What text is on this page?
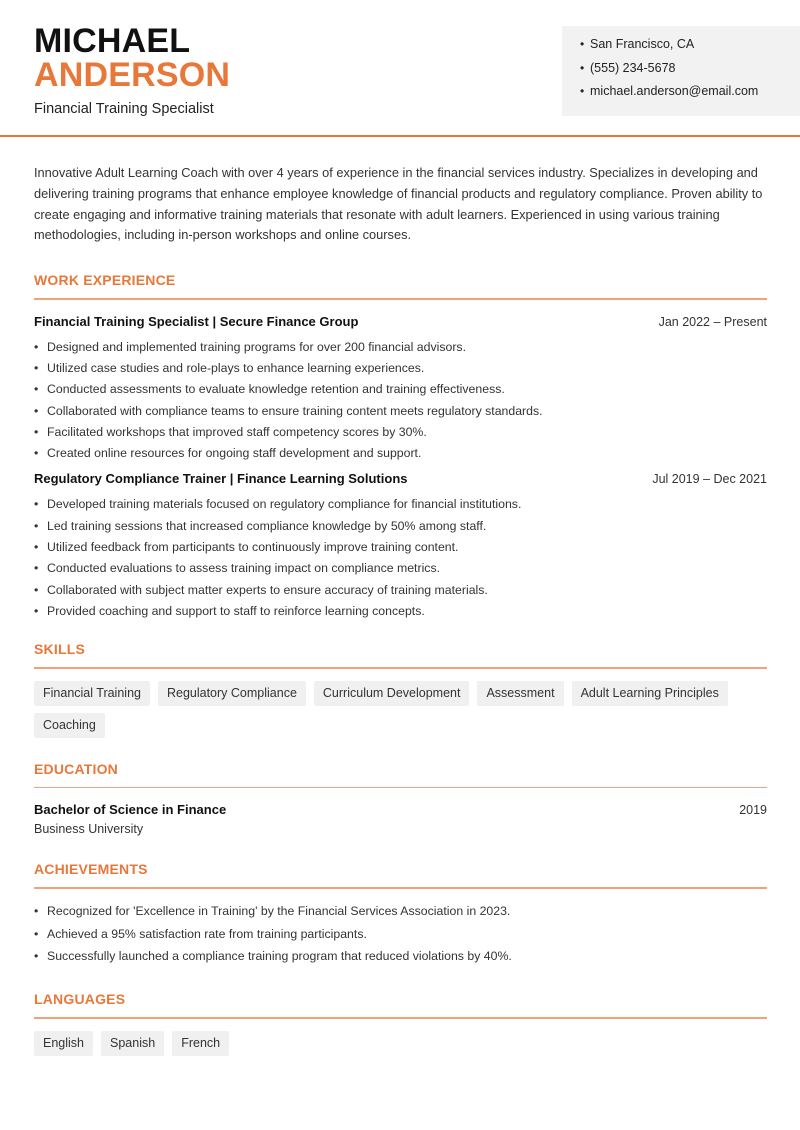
MICHAEL
ANDERSON
Financial Training Specialist
• San Francisco, CA
• (555) 234-5678
• michael.anderson@email.com

Innovative Adult Learning Coach with over 4 years of experience in the financial services industry. Specializes in developing and delivering training programs that enhance employee knowledge of financial products and regulatory compliance. Proven ability to create engaging and informative training materials that resonate with adult learners. Experienced in using various training methodologies, including in-person workshops and online courses.

WORK EXPERIENCE
Financial Training Specialist | Secure Finance Group	Jan 2022 – Present
• Designed and implemented training programs for over 200 financial advisors.
• Utilized case studies and role-plays to enhance learning experiences.
• Conducted assessments to evaluate knowledge retention and training effectiveness.
• Collaborated with compliance teams to ensure training content meets regulatory standards.
• Facilitated workshops that improved staff competency scores by 30%.
• Created online resources for ongoing staff development and support.
Regulatory Compliance Trainer | Finance Learning Solutions	Jul 2019 – Dec 2021
• Developed training materials focused on regulatory compliance for financial institutions.
• Led training sessions that increased compliance knowledge by 50% among staff.
• Utilized feedback from participants to continuously improve training content.
• Conducted evaluations to assess training impact on compliance metrics.
• Collaborated with subject matter experts to ensure accuracy of training materials.
• Provided coaching and support to staff to reinforce learning concepts.
SKILLS
Financial Training	Regulatory Compliance	Curriculum Development	Assessment	Adult Learning Principles
Coaching
EDUCATION
Bachelor of Science in Finance	2019
Business University
ACHIEVEMENTS
• Recognized for 'Excellence in Training' by the Financial Services Association in 2023.
• Achieved a 95% satisfaction rate from training participants.
• Successfully launched a compliance training program that reduced violations by 40%.
LANGUAGES
English	Spanish	French
